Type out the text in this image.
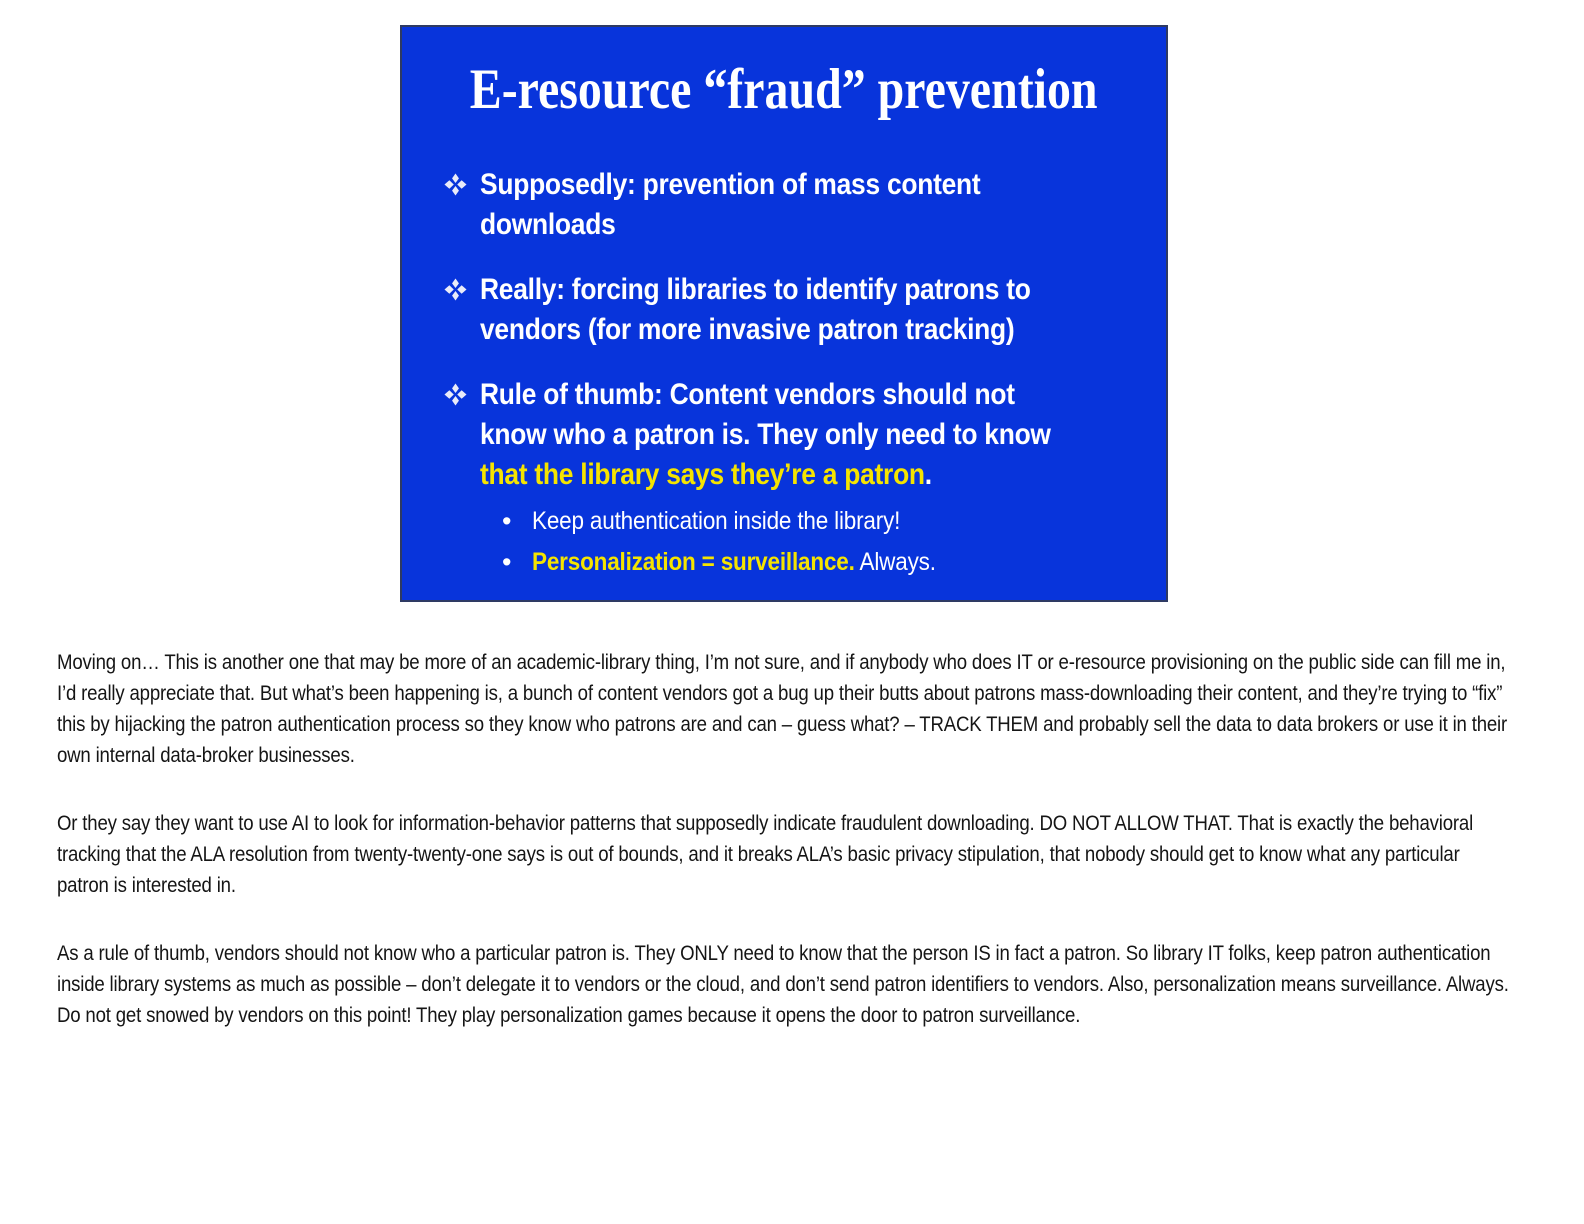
E-resource “fraud” prevention
Supposedly: prevention of mass content downloads
Really: forcing libraries to identify patrons to vendors (for more invasive patron tracking)
Rule of thumb: Content vendors should not know who a patron is. They only need to know that the library says they’re a patron.
• Keep authentication inside the library!
• Personalization = surveillance. Always.

Moving on… This is another one that may be more of an academic-library thing, I’m not sure, and if anybody who does IT or e-resource provisioning on the public side can fill me in, I’d really appreciate that. But what’s been happening is, a bunch of content vendors got a bug up their butts about patrons mass-downloading their content, and they’re trying to “fix” this by hijacking the patron authentication process so they know who patrons are and can – guess what? – TRACK THEM and probably sell the data to data brokers or use it in their own internal data-broker businesses.

Or they say they want to use AI to look for information-behavior patterns that supposedly indicate fraudulent downloading. DO NOT ALLOW THAT. That is exactly the behavioral tracking that the ALA resolution from twenty-twenty-one says is out of bounds, and it breaks ALA’s basic privacy stipulation, that nobody should get to know what any particular patron is interested in.

As a rule of thumb, vendors should not know who a particular patron is. They ONLY need to know that the person IS in fact a patron. So library IT folks, keep patron authentication inside library systems as much as possible – don’t delegate it to vendors or the cloud, and don’t send patron identifiers to vendors. Also, personalization means surveillance. Always. Do not get snowed by vendors on this point! They play personalization games because it opens the door to patron surveillance.
